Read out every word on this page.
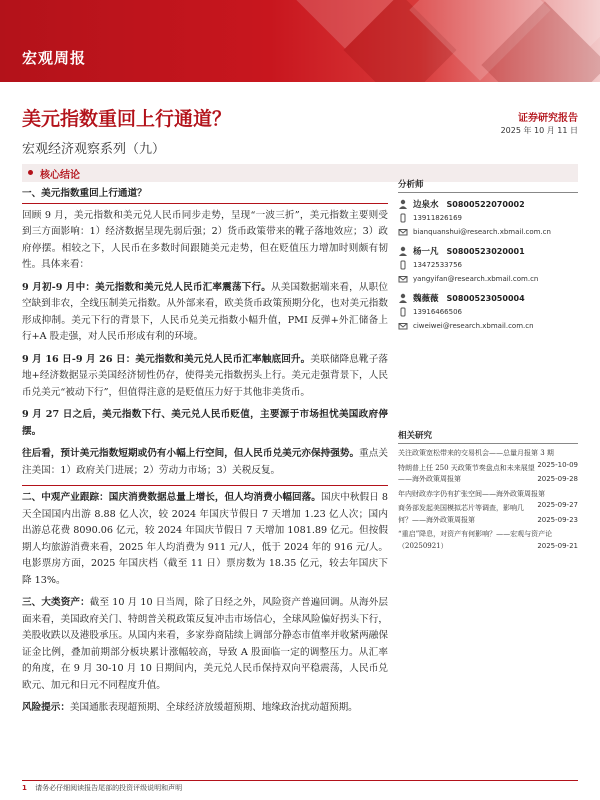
宏观周报
美元指数重回上行通道？
宏观经济观察系列（九）
证券研究报告
2025 年 10 月 11 日
核心结论

一、美元指数重回上行通道？

回顾 9 月，美元指数和美元兑人民币同步走势，呈现“一波三折”，美元指数主要则受到三方面影响：1）经济数据呈现先弱后强；2）货币政策带来的靴子落地效应；3）政府停摆。相较之下，人民币在多数时间跟随美元走势，但在贬值压力增加时则颇有韧性。具体来看：

9 月初-9 月中：美元指数和美元兑人民币汇率震荡下行。从美国数据端来看，从职位空缺到非农，全线压制美元指数。从外部来看，欧美货币政策预期分化，也对美元指数形成抑制。美元下行的背景下，人民币兑美元指数小幅升值，PMI 反弹+外汇储备上行+A 股走强，对人民币形成有利的环境。

9 月 16 日-9 月 26 日：美元指数和美元兑人民币汇率触底回升。美联储降息靴子落地+经济数据显示美国经济韧性仍存，使得美元指数拐头上行。美元走强背景下，人民币兑美元“被动下行”，但值得注意的是贬值压力好于其他非美货币。

9 月 27 日之后，美元指数下行、美元兑人民币贬值，主要源于市场担忧美国政府停摆。

往后看，预计美元指数短期或仍有小幅上行空间，但人民币兑美元亦保持强势。重点关注美国：1）政府关门进展；2）劳动力市场；3）关税反复。

二、中观产业跟踪：国庆消费数据总量上增长，但人均消费小幅回落。国庆中秋假日 8 天全国国内出游 8.88 亿人次，较 2024 年国庆节假日 7 天增加 1.23 亿人次；国内出游总花费 8090.06 亿元，较 2024 年国庆节假日 7 天增加 1081.89 亿元。但按假期人均旅游消费来看，2025 年人均消费为 911 元/人，低于 2024 年的 916 元/人。电影票房方面，2025 年国庆档（截至 11 日）票房数为 18.35 亿元，较去年国庆下降 13%。

三、大类资产：截至 10 月 10 日当周，除了日经之外，风险资产普遍回调。从海外层面来看，美国政府关门、特朗普关税政策反复冲击市场信心，全球风险偏好拐头下行，美股收跌以及港股承压。从国内来看，多家券商陆续上调部分静态市值率并收紧两融保证金比例，叠加前期部分板块累计涨幅较高，导致 A 股面临一定的调整压力。从汇率的角度，在 9 月 30-10 月 10 日期间内，美元兑人民币保持双向平稳震荡，人民币兑欧元、加元和日元不同程度升值。

风险提示：美国通胀表现超预期、全球经济放缓超预期、地缘政治扰动超预期。

分析师
边泉水 S0800522070002
13911826169
bianquanshui@research.xbmail.com.cn
杨一凡 S0800523020001
13472533756
yangyifan@research.xbmail.com.cn
魏薇薇 S0800523050004
13916466506
ciweiwei@research.xbmail.com.cn
相关研究

关注政策宽松带来的交易机会——总量月报第 3 期
2025-10-09

特朗普上任 250 天政策节奏盘点和未来展望——海外政策周报第	2025-09-28

年内财政赤字仍有扩张空间——海外政策周报第
2025-09-27

商务部发起美国模拟芯片等调查，影响几何？——海外政策周报第	2025-09-23

“重启”降息，对资产有何影响？——宏观与资产论（20250921）	2025-09-21

1 请务必仔细阅读报告尾部的投资评级说明和声明
